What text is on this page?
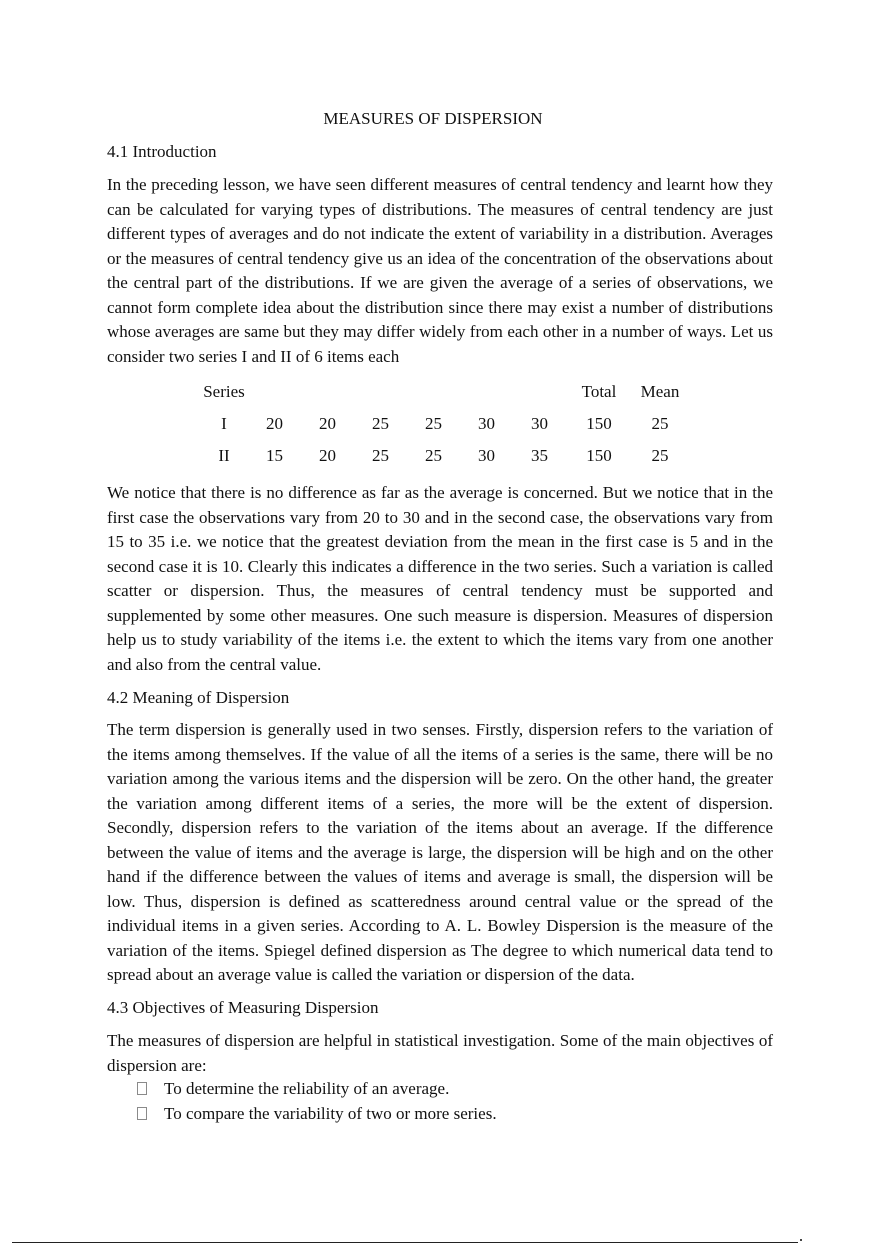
MEASURES OF DISPERSION
4.1 Introduction
In the preceding lesson, we have seen different measures of central tendency and learnt how they can be calculated for varying types of distributions. The measures of central tendency are just different types of averages and do not indicate the extent of variability in a distribution. Averages or the measures of central tendency give us an idea of the concentration of the observations about the central part of the distributions. If we are given the average of a series of observations, we cannot form complete idea about the distribution since there may exist a number of distributions whose averages are same but they may differ widely from each other in a number of ways. Let us consider two series I and II of 6 items each
Series							Total	Mean
I	20	20	25	25	30	30	150	25
II	15	20	25	25	30	35	150	25
We notice that there is no difference as far as the average is concerned. But we notice that in the first case the observations vary from 20 to 30 and in the second case, the observations vary from 15 to 35 i.e. we notice that the greatest deviation from the mean in the first case is 5 and in the second case it is 10. Clearly this indicates a difference in the two series. Such a variation is called scatter or dispersion. Thus, the measures of central tendency must be supported and supplemented by some other measures. One such measure is dispersion. Measures of dispersion help us to study variability of the items i.e. the extent to which the items vary from one another and also from the central value.
4.2 Meaning of Dispersion
The term dispersion is generally used in two senses. Firstly, dispersion refers to the variation of the items among themselves. If the value of all the items of a series is the same, there will be no variation among the various items and the dispersion will be zero. On the other hand, the greater the variation among different items of a series, the more will be the extent of dispersion. Secondly, dispersion refers to the variation of the items about an average. If the difference between the value of items and the average is large, the dispersion will be high and on the other hand if the difference between the values of items and average is small, the dispersion will be low. Thus, dispersion is defined as scatteredness around central value or the spread of the individual items in a given series. According to A. L. Bowley Dispersion is the measure of the variation of the items. Spiegel defined dispersion as The degree to which numerical data tend to spread about an average value is called the variation or dispersion of the data.
4.3 Objectives of Measuring Dispersion
The measures of dispersion are helpful in statistical investigation. Some of the main objectives of dispersion are:
To determine the reliability of an average.
To compare the variability of two or more series.
